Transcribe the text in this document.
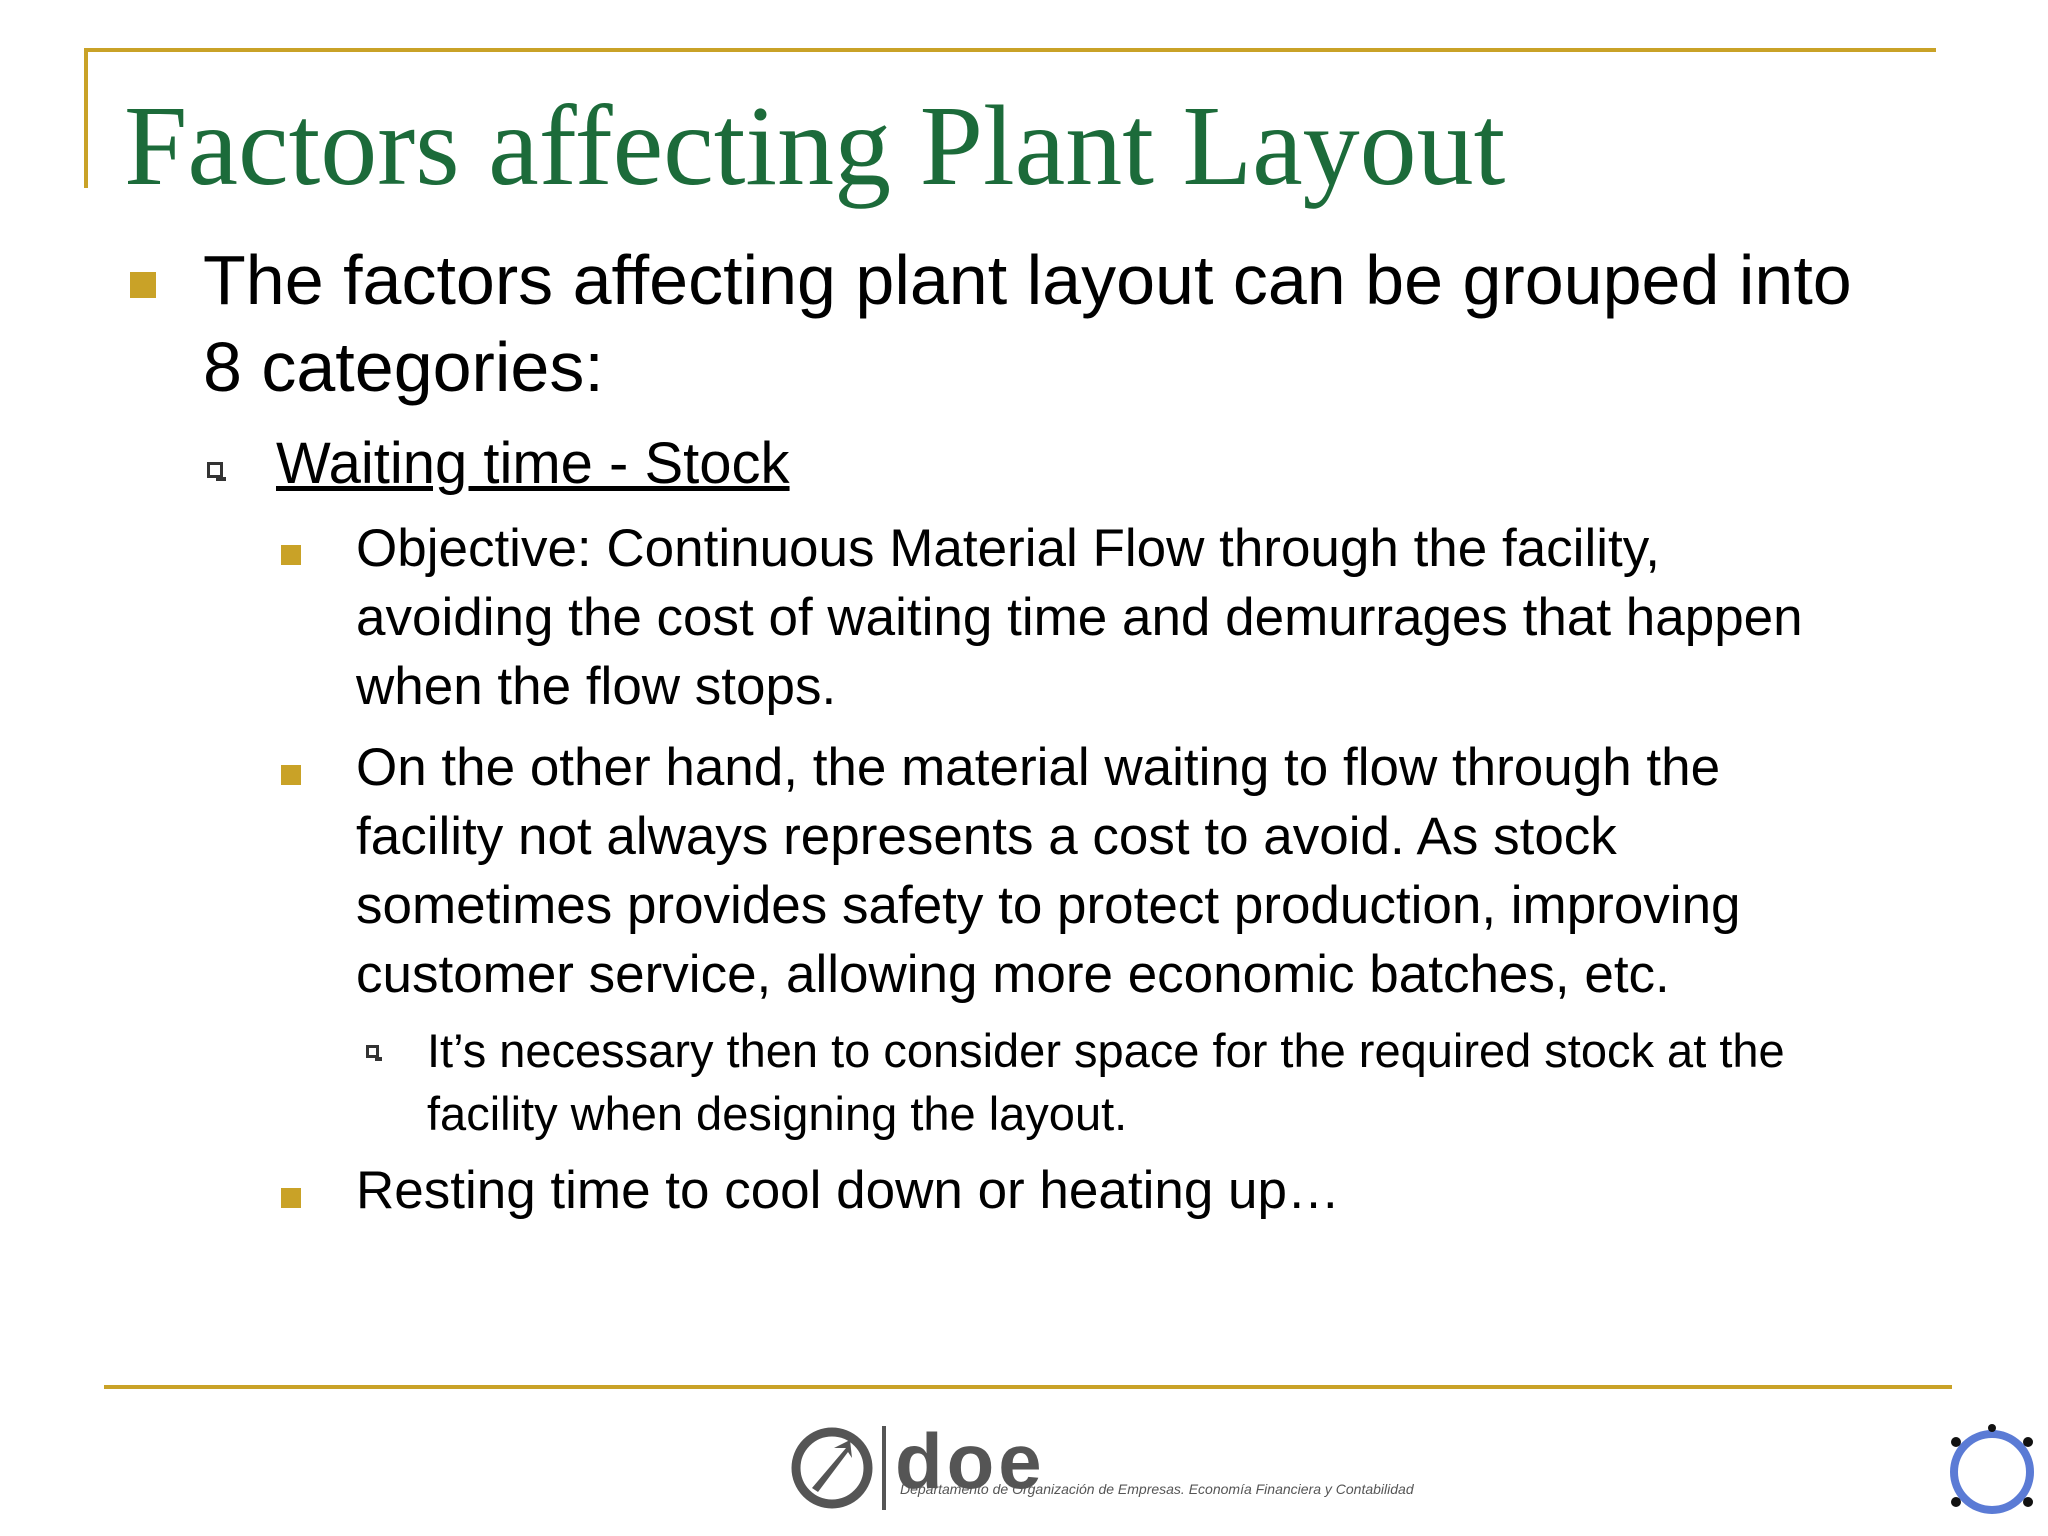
Factors affecting Plant Layout
The factors affecting plant layout can be grouped into
8 categories:
Waiting time - Stock
Objective: Continuous Material Flow through the facility,
avoiding the cost of waiting time and demurrages that happen
when the flow stops.
On the other hand, the material waiting to flow through the
facility not always represents a cost to avoid. As stock
sometimes provides safety to protect production, improving
customer service, allowing more economic batches, etc.
It’s necessary then to consider space for the required stock at the
facility when designing the layout.
Resting time to cool down or heating up…
doe
Departamento de Organización de Empresas. Economía Financiera y Contabilidad
